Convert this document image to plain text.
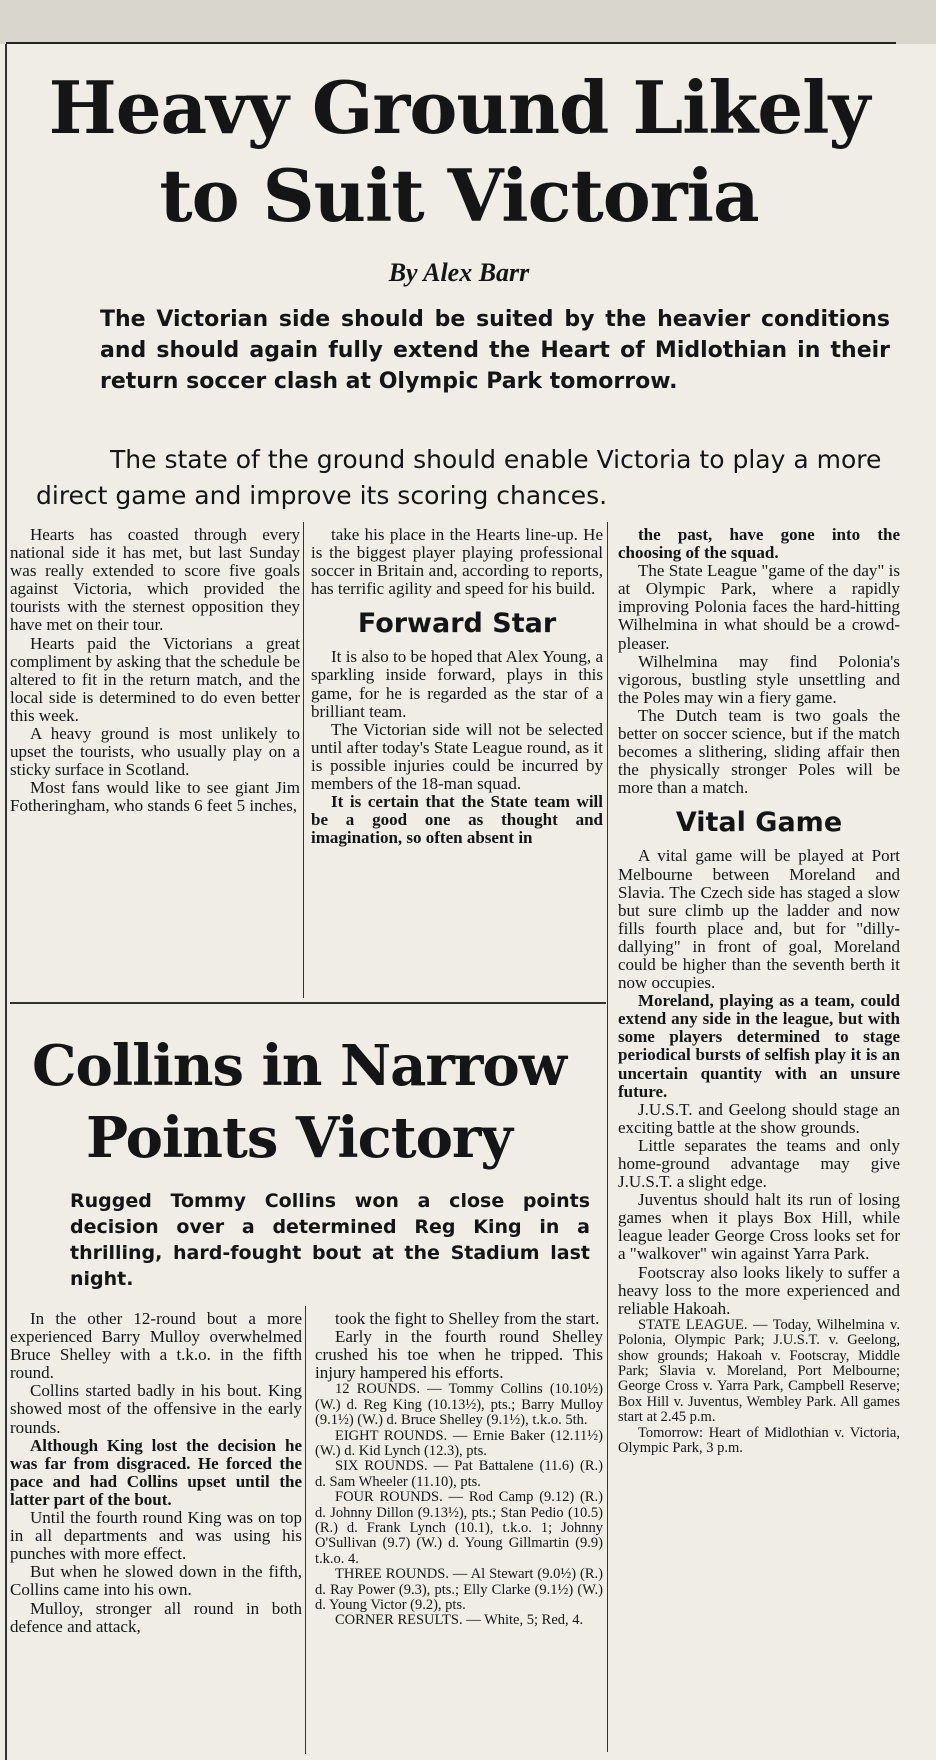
Heavy Ground Likely to Suit Victoria

By Alex Barr

The Victorian side should be suited by the heavier conditions and should again fully extend the Heart of Midlothian in their return soccer clash at Olympic Park tomorrow.

The state of the ground should enable Victoria to play a more direct game and improve its scoring chances.

Hearts has coasted through every national side it has met, but last Sunday was really extended to score five goals against Victoria, which provided the tourists with the sternest opposition they have met on their tour.

Hearts paid the Victorians a great compliment by asking that the schedule be altered to fit in the return match, and the local side is determined to do even better this week.

A heavy ground is most unlikely to upset the tourists, who usually play on a sticky surface in Scotland.

Most fans would like to see giant Jim Fotheringham, who stands 6 feet 5 inches,

take his place in the Hearts line-up. He is the biggest player playing professional soccer in Britain and, according to reports, has terrific agility and speed for his build.

Forward Star

It is also to be hoped that Alex Young, a sparkling inside forward, plays in this game, for he is regarded as the star of a brilliant team.

The Victorian side will not be selected until after today's State League round, as it is possible injuries could be incurred by members of the 18-man squad.

It is certain that the State team will be a good one as thought and imagination, so often absent in

the past, have gone into the choosing of the squad.

The State League "game of the day" is at Olympic Park, where a rapidly improving Polonia faces the hard-hitting Wilhelmina in what should be a crowd-pleaser.

Wilhelmina may find Polonia's vigorous, bustling style unsettling and the Poles may win a fiery game.

The Dutch team is two goals the better on soccer science, but if the match becomes a slithering, sliding affair then the physically stronger Poles will be more than a match.

Vital Game

A vital game will be played at Port Melbourne between Moreland and Slavia. The Czech side has staged a slow but sure climb up the ladder and now fills fourth place and, but for "dilly-dallying" in front of goal, Moreland could be higher than the seventh berth it now occupies.

Moreland, playing as a team, could extend any side in the league, but with some players determined to stage periodical bursts of selfish play it is an uncertain quantity with an unsure future.

J.U.S.T. and Geelong should stage an exciting battle at the show grounds.

Little separates the teams and only home-ground advantage may give J.U.S.T. a slight edge.

Juventus should halt its run of losing games when it plays Box Hill, while league leader George Cross looks set for a "walkover" win against Yarra Park.

Footscray also looks likely to suffer a heavy loss to the more experienced and reliable Hakoah.

STATE LEAGUE. — Today, Wilhelmina v. Polonia, Olympic Park; J.U.S.T. v. Geelong, show grounds; Hakoah v. Footscray, Middle Park; Slavia v. Moreland, Port Melbourne; George Cross v. Yarra Park, Campbell Reserve; Box Hill v. Juventus, Wembley Park. All games start at 2.45 p.m.

Tomorrow: Heart of Midlothian v. Victoria, Olympic Park, 3 p.m.

Collins in Narrow Points Victory

Rugged Tommy Collins won a close points decision over a determined Reg King in a thrilling, hard-fought bout at the Stadium last night.

In the other 12-round bout a more experienced Barry Mulloy overwhelmed Bruce Shelley with a t.k.o. in the fifth round.

Collins started badly in his bout. King showed most of the offensive in the early rounds.

Although King lost the decision he was far from disgraced. He forced the pace and had Collins upset until the latter part of the bout.

Until the fourth round King was on top in all departments and was using his punches with more effect.

But when he slowed down in the fifth, Collins came into his own.

Mulloy, stronger all round in both defence and attack,

took the fight to Shelley from the start.

Early in the fourth round Shelley crushed his toe when he tripped. This injury hampered his efforts.

12 ROUNDS. — Tommy Collins (10.10½) (W.) d. Reg King (10.13½), pts.; Barry Mulloy (9.1½) (W.) d. Bruce Shelley (9.1½), t.k.o. 5th.

EIGHT ROUNDS. — Ernie Baker (12.11½) (W.) d. Kid Lynch (12.3), pts.

SIX ROUNDS. — Pat Battalene (11.6) (R.) d. Sam Wheeler (11.10), pts.

FOUR ROUNDS. — Rod Camp (9.12) (R.) d. Johnny Dillon (9.13½), pts.; Stan Pedio (10.5) (R.) d. Frank Lynch (10.1), t.k.o. 1; Johnny O'Sullivan (9.7) (W.) d. Young Gillmartin (9.9) t.k.o. 4.

THREE ROUNDS. — Al Stewart (9.0½) (R.) d. Ray Power (9.3), pts.; Elly Clarke (9.1½) (W.) d. Young Victor (9.2), pts.

CORNER RESULTS. — White, 5; Red, 4.
